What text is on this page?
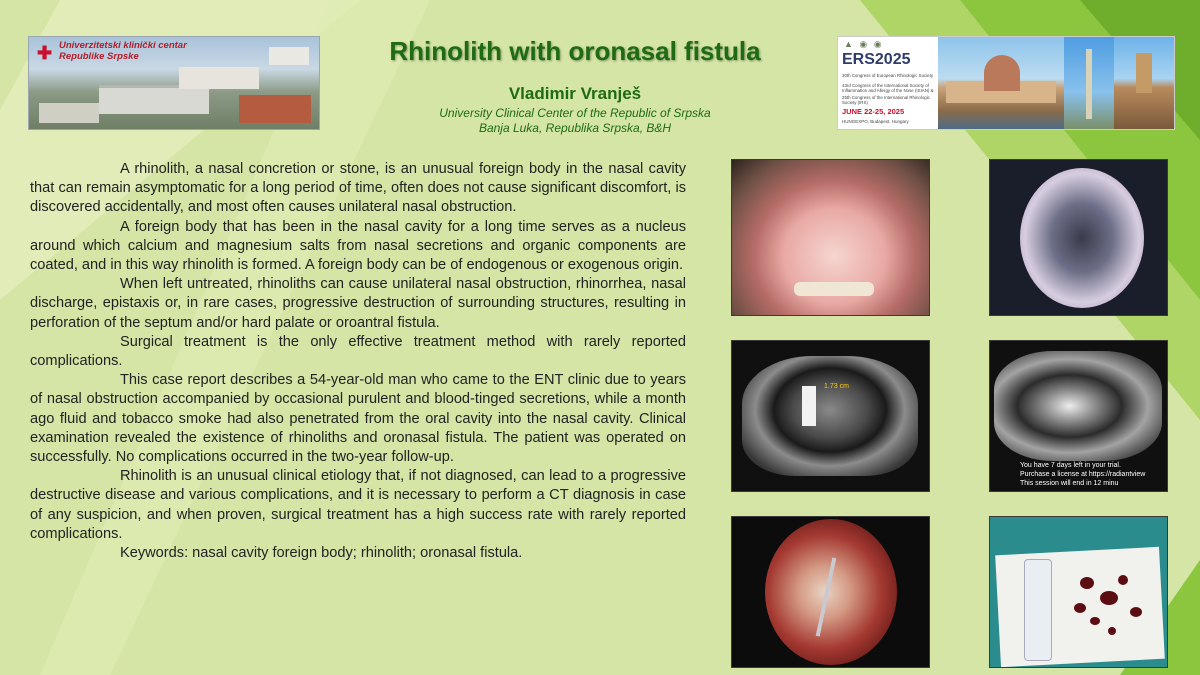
✚ Univerzitetski klinički centar Republike Srpske	Rhinolith with oronasal fistula
Vladimir Vranješ
University Clinical Center of the Republic of Srpska
Banja Luka, Republika Srpska, B&H
▲ ◉ ◉
ERS2025
30th Congress of European Rhinologic Society
43rd Congress of the International Society of Inflammation and Allergy of the Nose (ISIAN) &
25th Congress of the International Rhinologic Society (IRS)
JUNE 22-25, 2025
HUNGEXPO, Budapest, Hungary

A rhinolith, a nasal concretion or stone, is an unusual foreign body in the nasal cavity that can remain asymptomatic for a long period of time, often does not cause significant discomfort, is discovered accidentally, and most often causes unilateral nasal obstruction.

A foreign body that has been in the nasal cavity for a long time serves as a nucleus around which calcium and magnesium salts from nasal secretions and organic components are coated, and in this way rhinolith is formed. A foreign body can be of endogenous or exogenous origin.

When left untreated, rhinoliths can cause unilateral nasal obstruction, rhinorrhea, nasal discharge, epistaxis or, in rare cases, progressive destruction of surrounding structures, resulting in perforation of the septum and/or hard palate or oroantral fistula.

Surgical treatment is the only effective treatment method with rarely reported complications.

This case report describes a 54-year-old man who came to the ENT clinic due to years of nasal obstruction accompanied by occasional purulent and blood-tinged secretions, while a month ago fluid and tobacco smoke had also penetrated from the oral cavity into the nasal cavity. Clinical examination revealed the existence of rhinoliths and oronasal fistula. The patient was operated on successfully. No complications occurred in the two-year follow-up.

Rhinolith is an unusual clinical etiology that, if not diagnosed, can lead to a progressive destructive disease and various complications, and it is necessary to perform a CT diagnosis in case of any suspicion, and when proven, surgical treatment has a high success rate with rarely reported complications.

Keywords: nasal cavity foreign body; rhinolith; oronasal fistula.

1.73 cm
You have 7 days left in your trial.
Purchase a license at https://radiantview
This session will end in 12 minu
